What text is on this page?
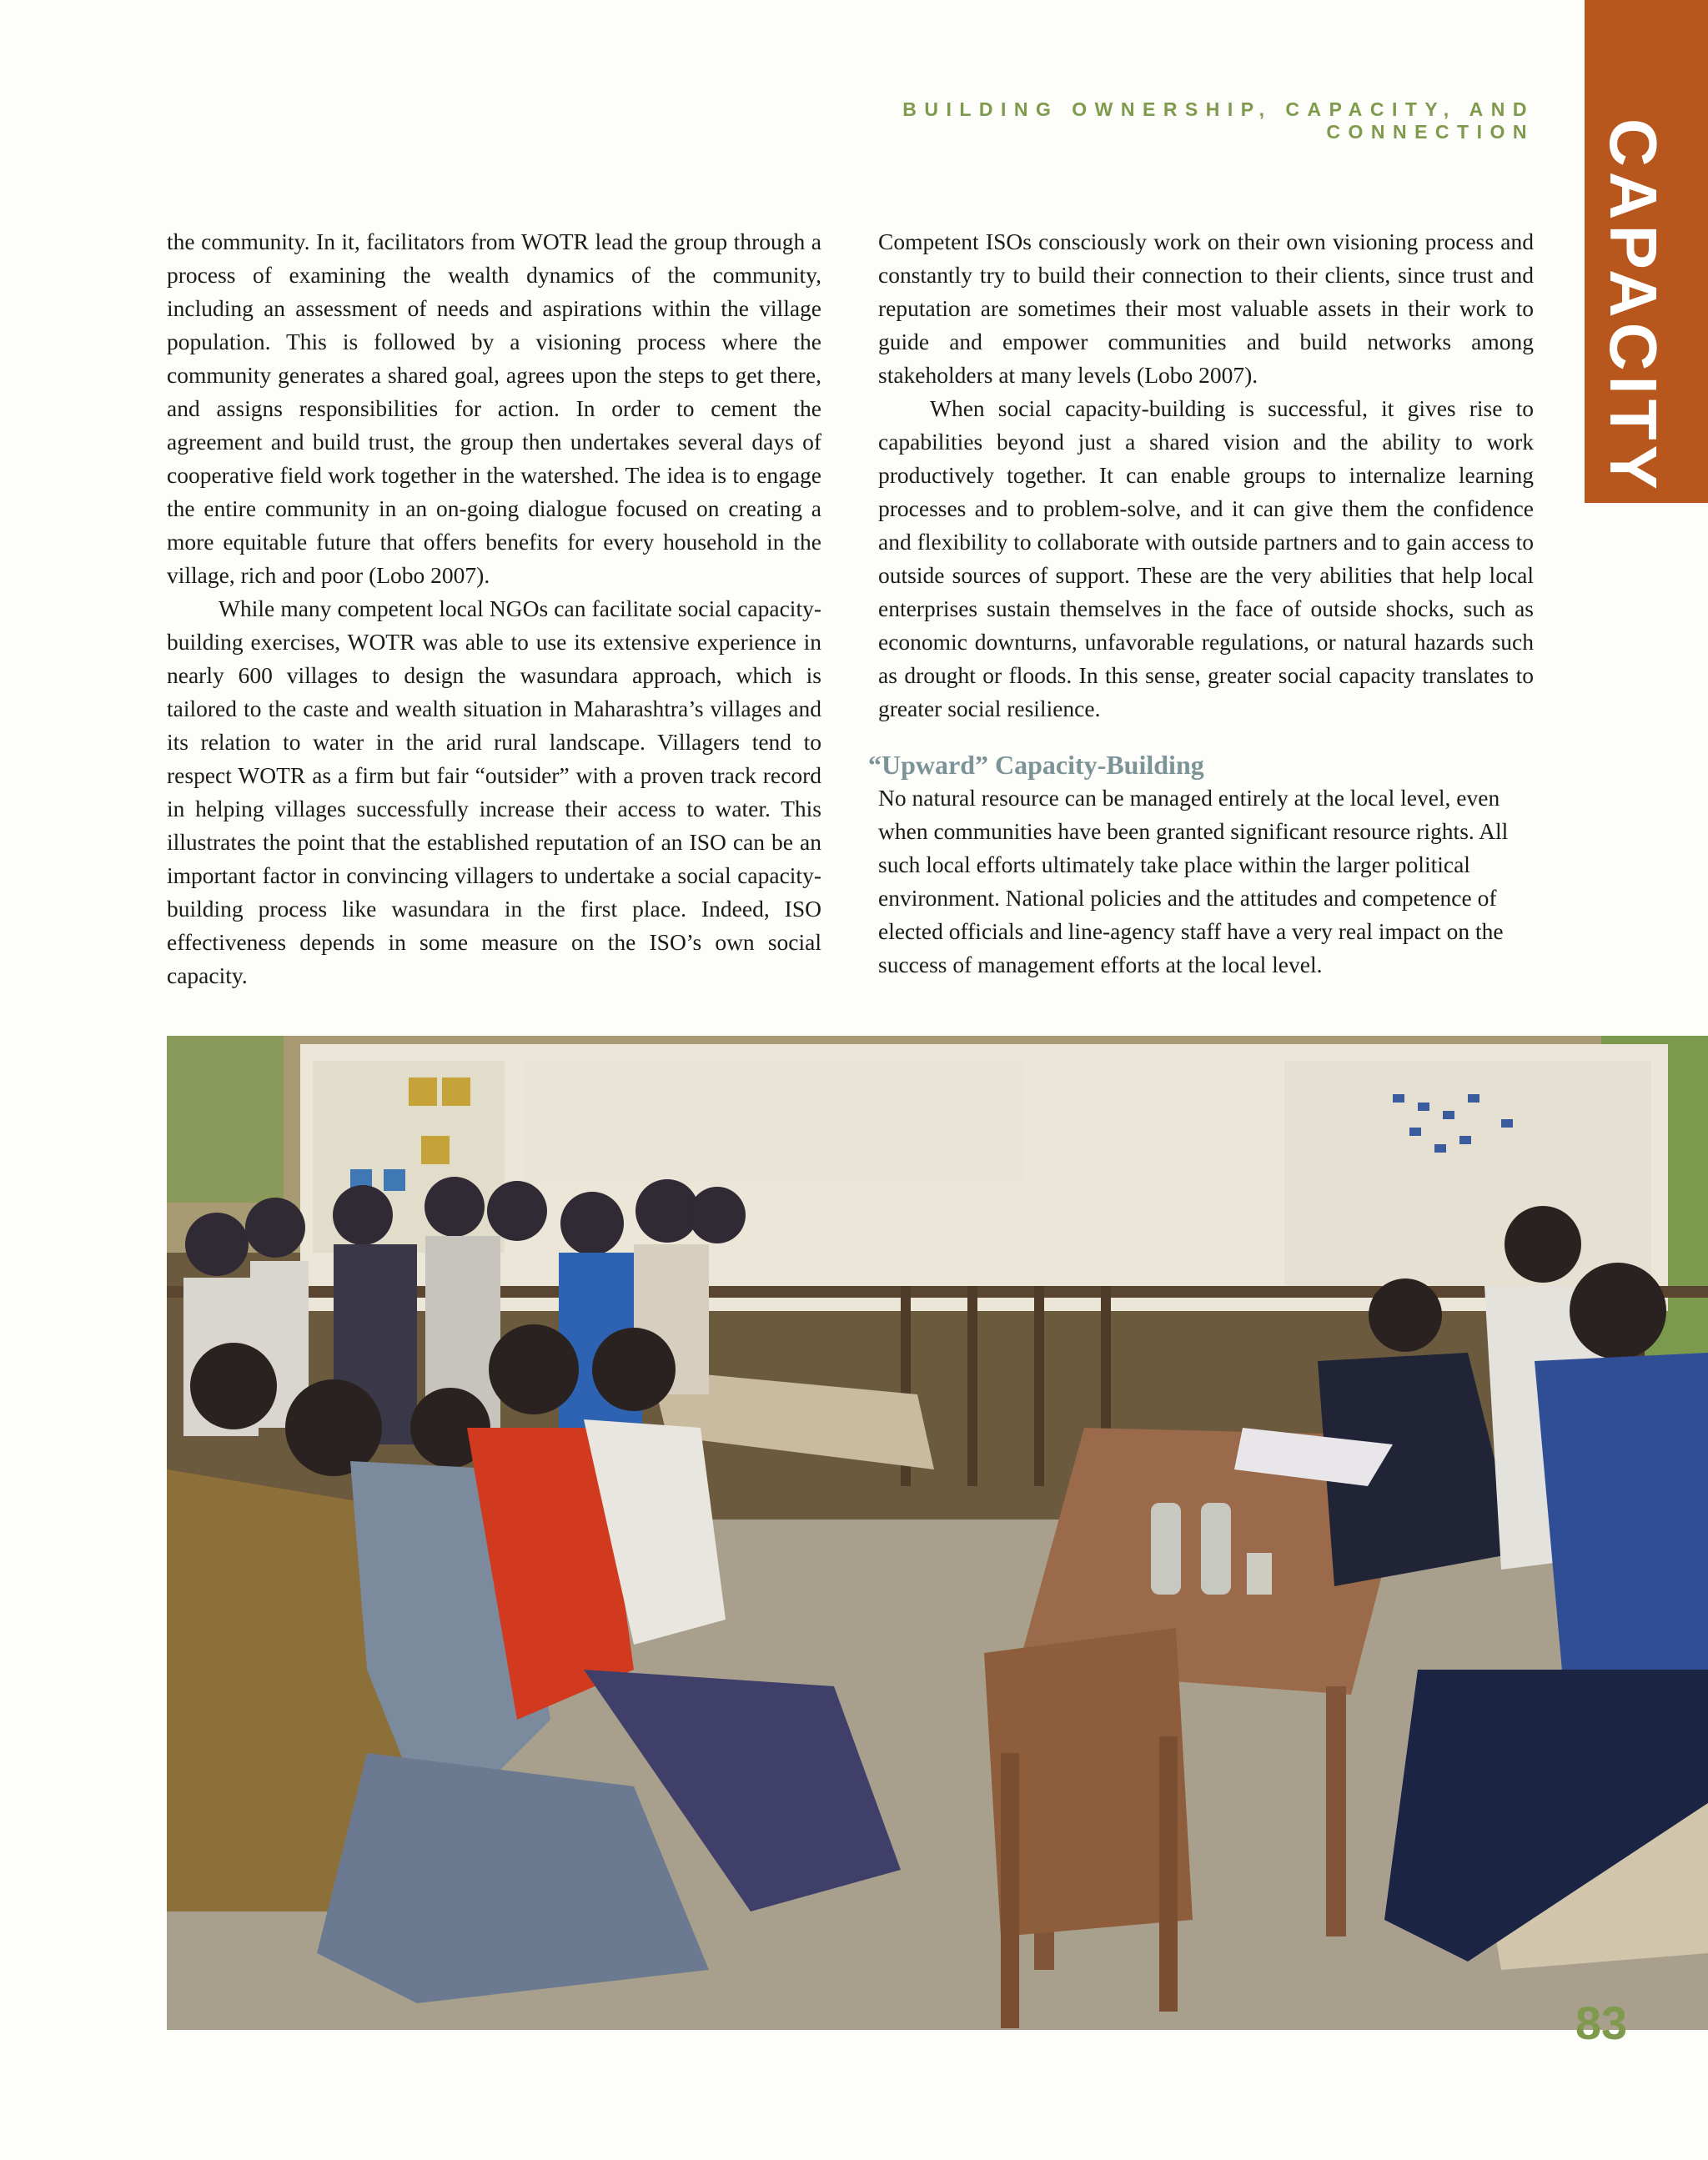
BUILDING OWNERSHIP, CAPACITY, AND CONNECTION CAPACITY

the community. In it, facilitators from WOTR lead the group through a process of examining the wealth dynamics of the community, including an assessment of needs and aspirations within the village population. This is followed by a visioning process where the community generates a shared goal, agrees upon the steps to get there, and assigns responsibilities for action. In order to cement the agreement and build trust, the group then undertakes several days of cooperative field work together in the watershed. The idea is to engage the entire community in an on-going dialogue focused on creating a more equitable future that offers benefits for every household in the village, rich and poor (Lobo 2007).

While many competent local NGOs can facilitate social capacity-building exercises, WOTR was able to use its extensive experience in nearly 600 villages to design the wasundara approach, which is tailored to the caste and wealth situation in Maharashtra’s villages and its relation to water in the arid rural landscape. Villagers tend to respect WOTR as a firm but fair “outsider” with a proven track record in helping villages successfully increase their access to water. This illustrates the point that the established reputation of an ISO can be an important factor in convincing villagers to undertake a social capacity-building process like wasundara in the first place. Indeed, ISO effectiveness depends in some measure on the ISO’s own social capacity.

Competent ISOs consciously work on their own visioning process and constantly try to build their connection to their clients, since trust and reputation are sometimes their most valuable assets in their work to guide and empower communities and build networks among stakeholders at many levels (Lobo 2007).

When social capacity-building is successful, it gives rise to capabilities beyond just a shared vision and the ability to work productively together. It can enable groups to internalize learning processes and to problem-solve, and it can give them the confidence and flexibility to collaborate with outside partners and to gain access to outside sources of support. These are the very abilities that help local enterprises sustain themselves in the face of outside shocks, such as economic downturns, unfavorable regulations, or natural hazards such as drought or floods. In this sense, greater social capacity translates to greater social resilience.

“Upward” Capacity-Building

No natural resource can be managed entirely at the local level, even when communities have been granted significant resource rights. All such local efforts ultimately take place within the larger political environment. National policies and the attitudes and competence of elected officials and line-agency staff have a very real impact on the success of management efforts at the local level.

83
